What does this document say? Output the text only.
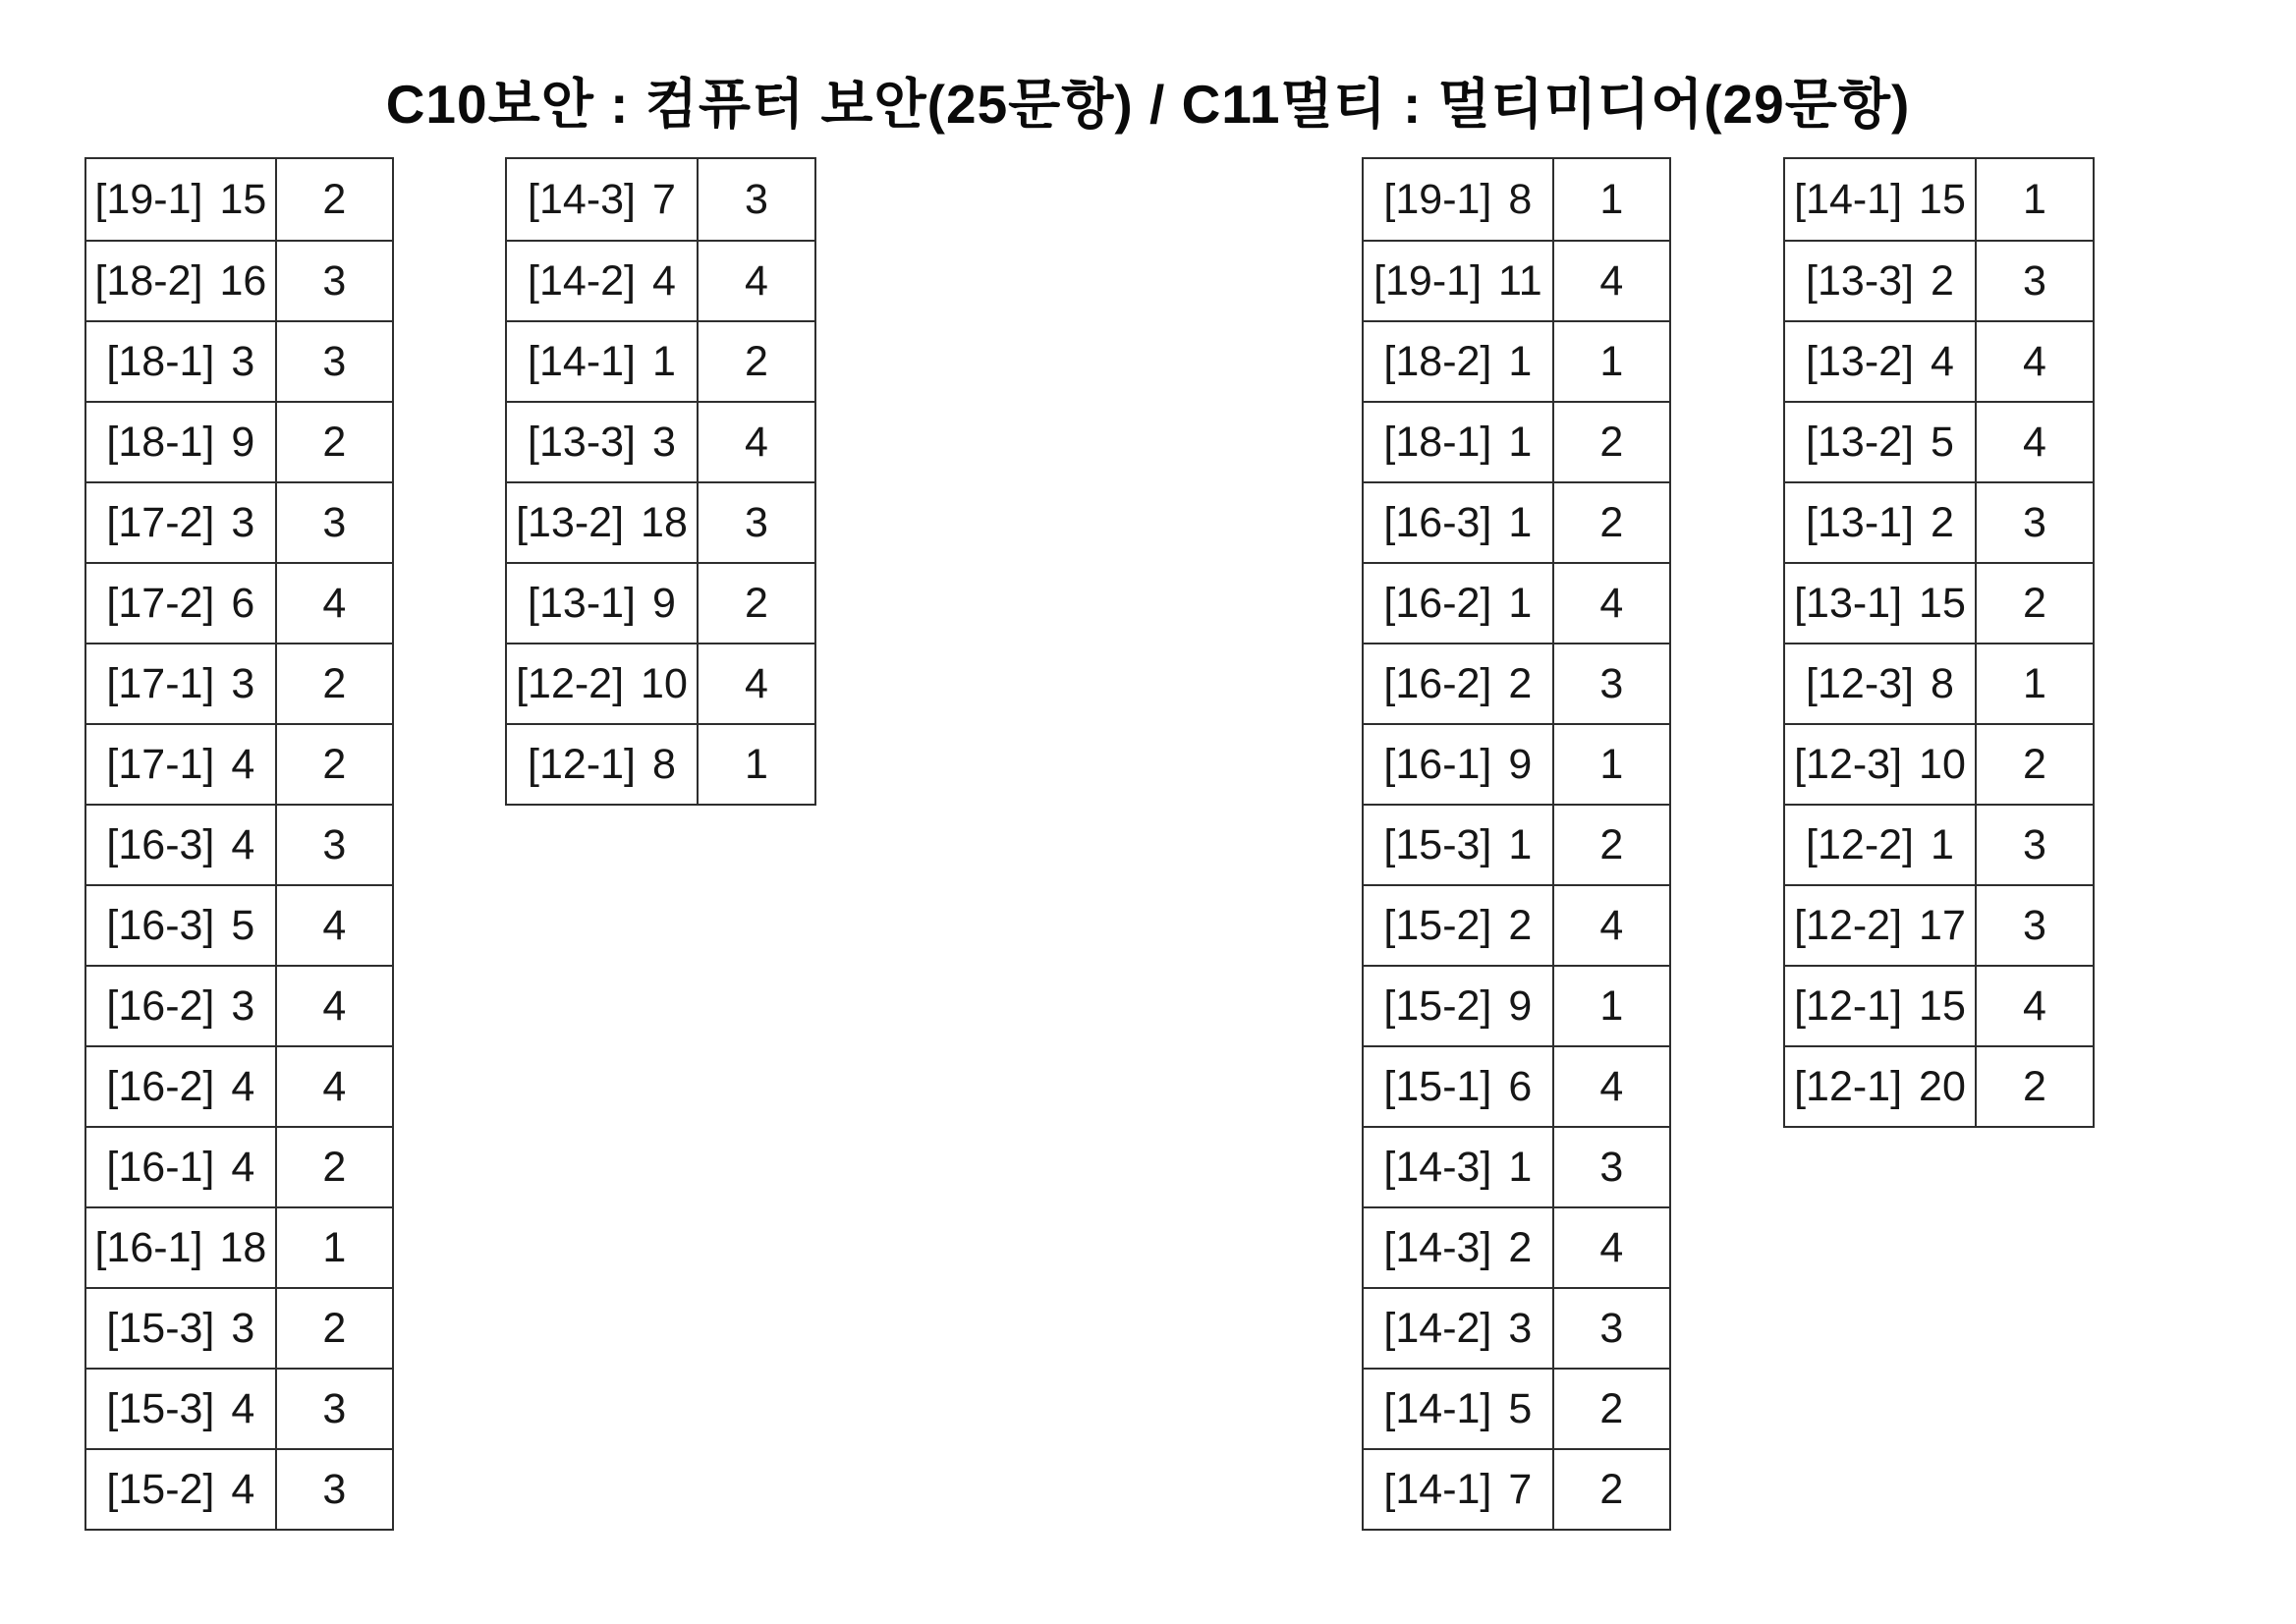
C10보안 : 컴퓨터 보안(25문항) / C11멀티 : 멀티미디어(29문항)
[19-1] 15	2
[18-2] 16	3
[18-1] 3	3
[18-1] 9	2
[17-2] 3	3
[17-2] 6	4
[17-1] 3	2
[17-1] 4	2
[16-3] 4	3
[16-3] 5	4
[16-2] 3	4
[16-2] 4	4
[16-1] 4	2
[16-1] 18	1
[15-3] 3	2
[15-3] 4	3
[15-2] 4	3
[14-3] 7	3
[14-2] 4	4
[14-1] 1	2
[13-3] 3	4
[13-2] 18	3
[13-1] 9	2
[12-2] 10	4
[12-1] 8	1
[19-1] 8	1
[19-1] 11	4
[18-2] 1	1
[18-1] 1	2
[16-3] 1	2
[16-2] 1	4
[16-2] 2	3
[16-1] 9	1
[15-3] 1	2
[15-2] 2	4
[15-2] 9	1
[15-1] 6	4
[14-3] 1	3
[14-3] 2	4
[14-2] 3	3
[14-1] 5	2
[14-1] 7	2
[14-1] 15	1
[13-3] 2	3
[13-2] 4	4
[13-2] 5	4
[13-1] 2	3
[13-1] 15	2
[12-3] 8	1
[12-3] 10	2
[12-2] 1	3
[12-2] 17	3
[12-1] 15	4
[12-1] 20	2
